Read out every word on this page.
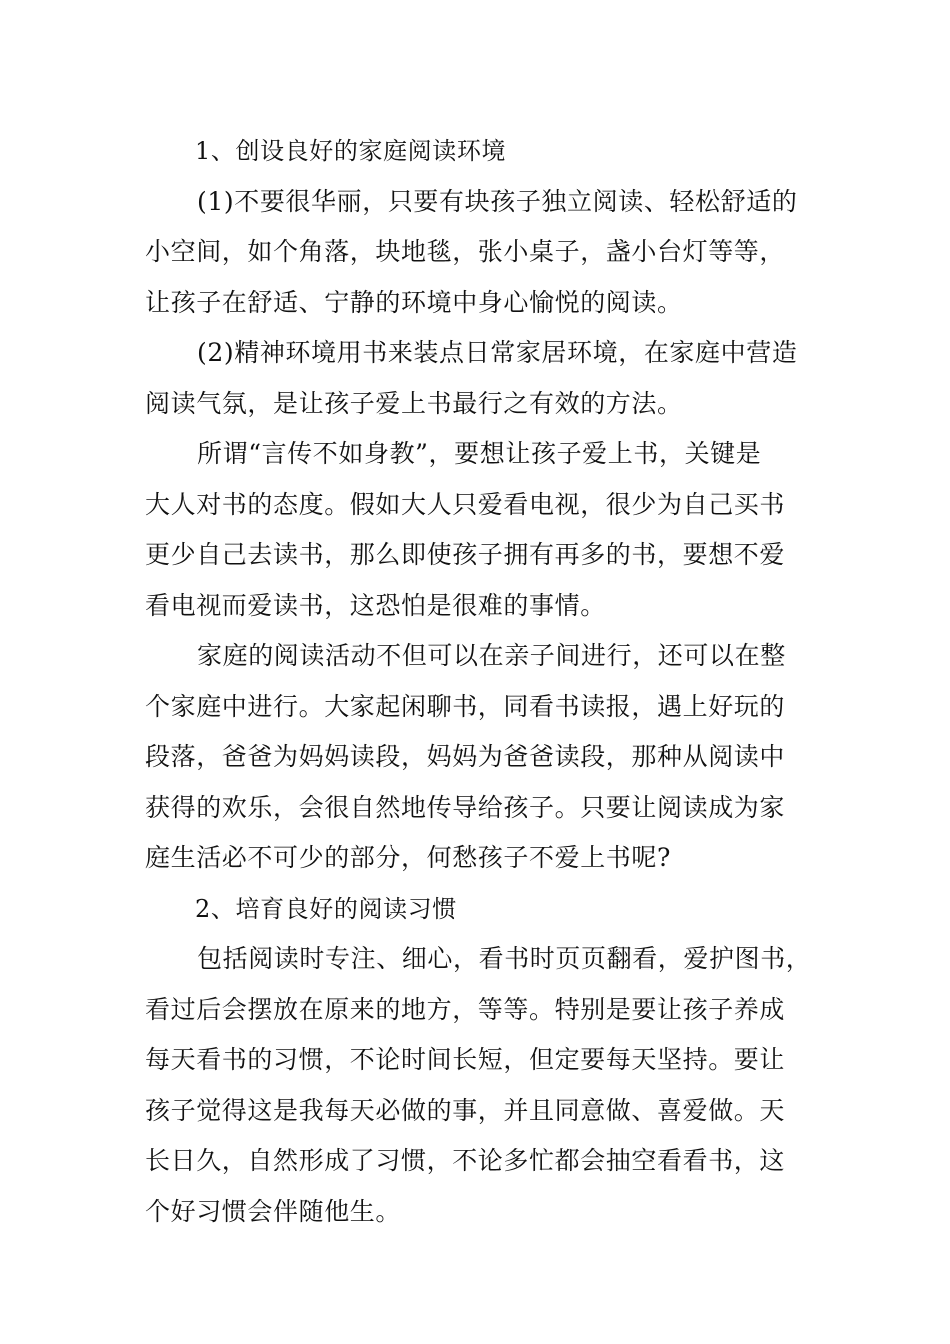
1、创设良好的家庭阅读环境
(1)不要很华丽，只要有块孩子独立阅读、轻松舒适的
小空间，如个角落，块地毯，张小桌子，盏小台灯等等，
让孩子在舒适、宁静的环境中身心愉悦的阅读。
(2)精神环境用书来装点日常家居环境，在家庭中营造
阅读气氛，是让孩子爱上书最行之有效的方法。
所谓“言传不如身教”，要想让孩子爱上书，关键是
大人对书的态度。假如大人只爱看电视，很少为自己买书
更少自己去读书，那么即使孩子拥有再多的书，要想不爱
看电视而爱读书，这恐怕是很难的事情。
家庭的阅读活动不但可以在亲子间进行，还可以在整
个家庭中进行。大家起闲聊书，同看书读报，遇上好玩的
段落，爸爸为妈妈读段，妈妈为爸爸读段，那种从阅读中
获得的欢乐，会很自然地传导给孩子。只要让阅读成为家
庭生活必不可少的部分，何愁孩子不爱上书呢?
2、培育良好的阅读习惯
包括阅读时专注、细心，看书时页页翻看，爱护图书，
看过后会摆放在原来的地方，等等。特别是要让孩子养成
每天看书的习惯，不论时间长短，但定要每天坚持。要让
孩子觉得这是我每天必做的事，并且同意做、喜爱做。天
长日久，自然形成了习惯，不论多忙都会抽空看看书，这
个好习惯会伴随他生。
